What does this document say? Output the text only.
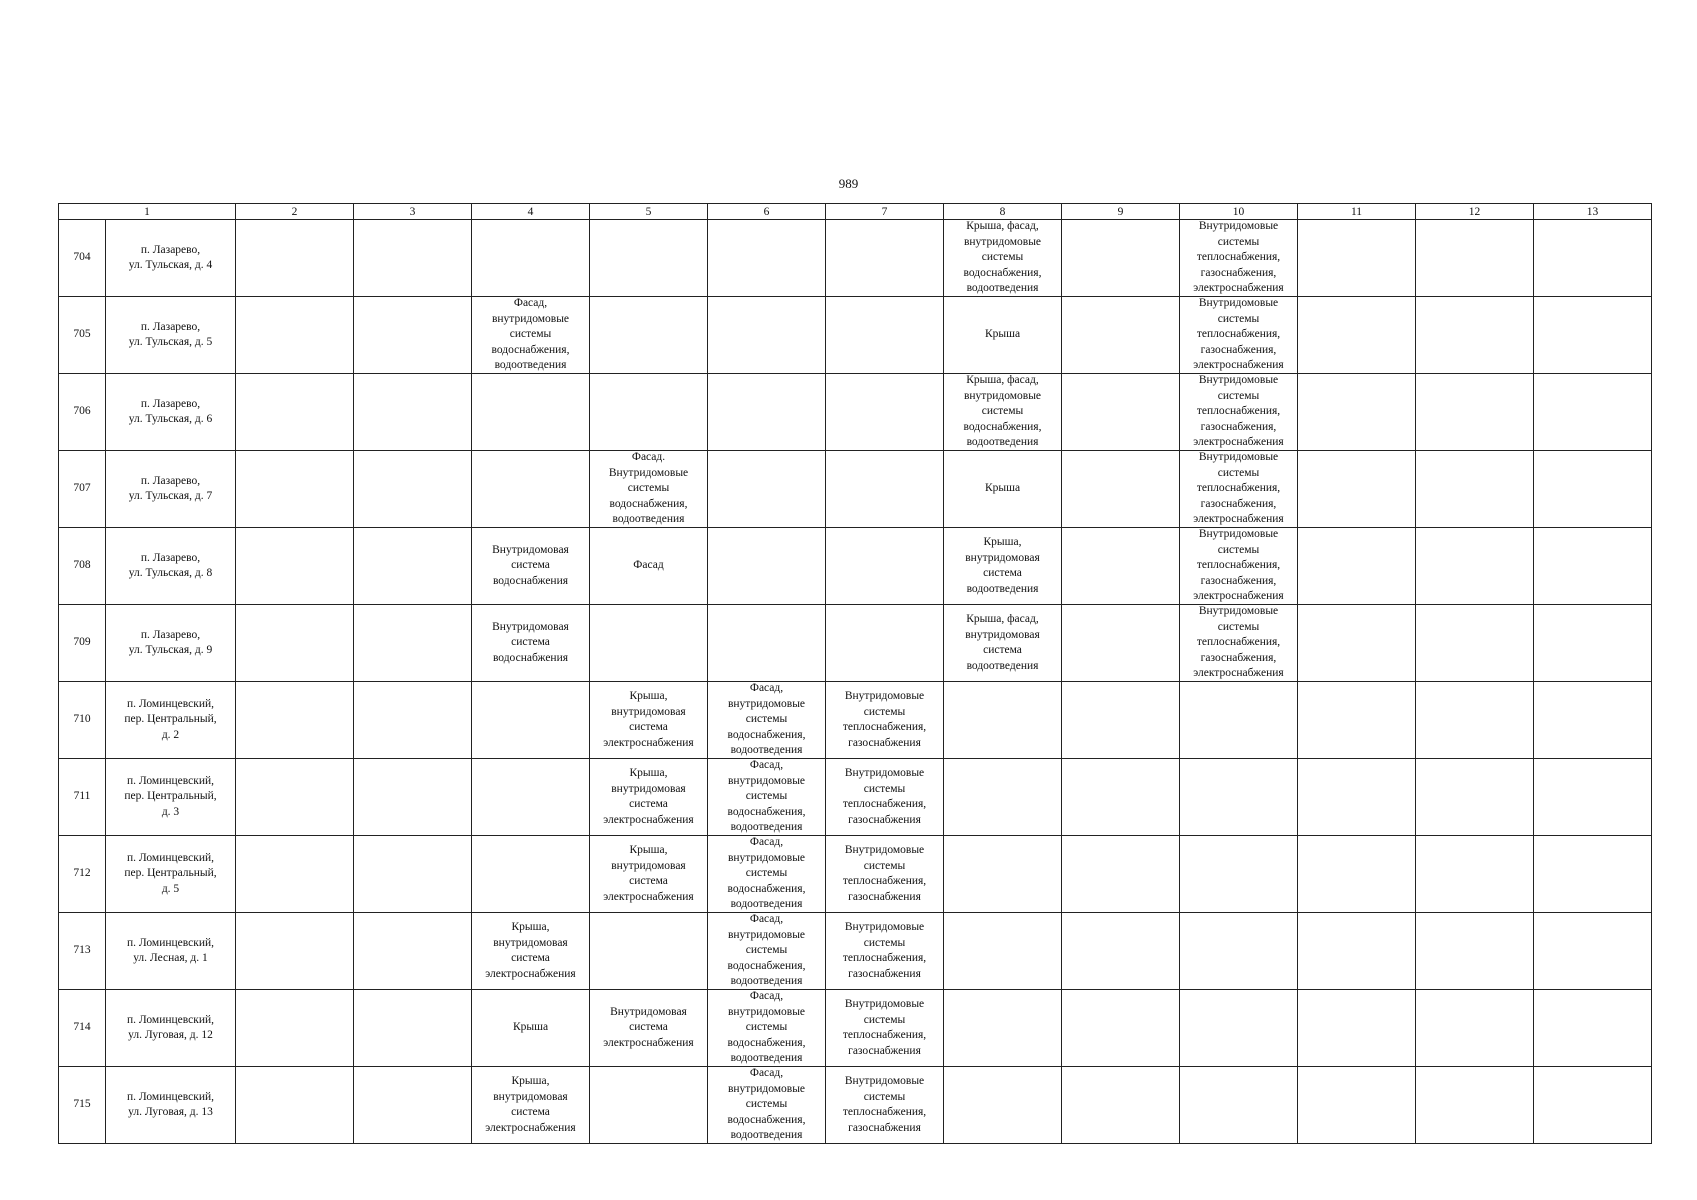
989
1		2	3	4	5	6	7	8	9	10	11	12	13

704	п. Лазарево,
ул. Тульская, д. 4							Крыша, фасад,
внутридомовые
системы
водоснабжения,
водоотведения		Внутридомовые
системы
теплоснабжения,
газоснабжения,
электроснабжения			

705	п. Лазарево,
ул. Тульская, д. 5			Фасад,
внутридомовые
системы
водоснабжения,
водоотведения				Крыша		Внутридомовые
системы
теплоснабжения,
газоснабжения,
электроснабжения			

706	п. Лазарево,
ул. Тульская, д. 6							Крыша, фасад,
внутридомовые
системы
водоснабжения,
водоотведения		Внутридомовые
системы
теплоснабжения,
газоснабжения,
электроснабжения			

707	п. Лазарево,
ул. Тульская, д. 7				Фасад.
Внутридомовые
системы
водоснабжения,
водоотведения			Крыша		Внутридомовые
системы
теплоснабжения,
газоснабжения,
электроснабжения			

708	п. Лазарево,
ул. Тульская, д. 8			Внутридомовая
система
водоснабжения	Фасад			Крыша,
внутридомовая
система
водоотведения		Внутридомовые
системы
теплоснабжения,
газоснабжения,
электроснабжения			

709	п. Лазарево,
ул. Тульская, д. 9			Внутридомовая
система
водоснабжения				Крыша, фасад,
внутридомовая
система
водоотведения		Внутридомовые
системы
теплоснабжения,
газоснабжения,
электроснабжения			

710	п. Ломинцевский,
пер. Центральный,
д. 2				Крыша,
внутридомовая
система
электроснабжения	Фасад,
внутридомовые
системы
водоснабжения,
водоотведения	Внутридомовые
системы
теплоснабжения,
газоснабжения						

711	п. Ломинцевский,
пер. Центральный,
д. 3				Крыша,
внутридомовая
система
электроснабжения	Фасад,
внутридомовые
системы
водоснабжения,
водоотведения	Внутридомовые
системы
теплоснабжения,
газоснабжения						

712	п. Ломинцевский,
пер. Центральный,
д. 5				Крыша,
внутридомовая
система
электроснабжения	Фасад,
внутридомовые
системы
водоснабжения,
водоотведения	Внутридомовые
системы
теплоснабжения,
газоснабжения						

713	п. Ломинцевский,
ул. Лесная, д. 1			Крыша,
внутридомовая
система
электроснабжения		Фасад,
внутридомовые
системы
водоснабжения,
водоотведения	Внутридомовые
системы
теплоснабжения,
газоснабжения						

714	п. Ломинцевский,
ул. Луговая, д. 12			Крыша	Внутридомовая
система
электроснабжения	Фасад,
внутридомовые
системы
водоснабжения,
водоотведения	Внутридомовые
системы
теплоснабжения,
газоснабжения						

715	п. Ломинцевский,
ул. Луговая, д. 13			Крыша,
внутридомовая
система
электроснабжения		Фасад,
внутридомовые
системы
водоснабжения,
водоотведения	Внутридомовые
системы
теплоснабжения,
газоснабжения						
